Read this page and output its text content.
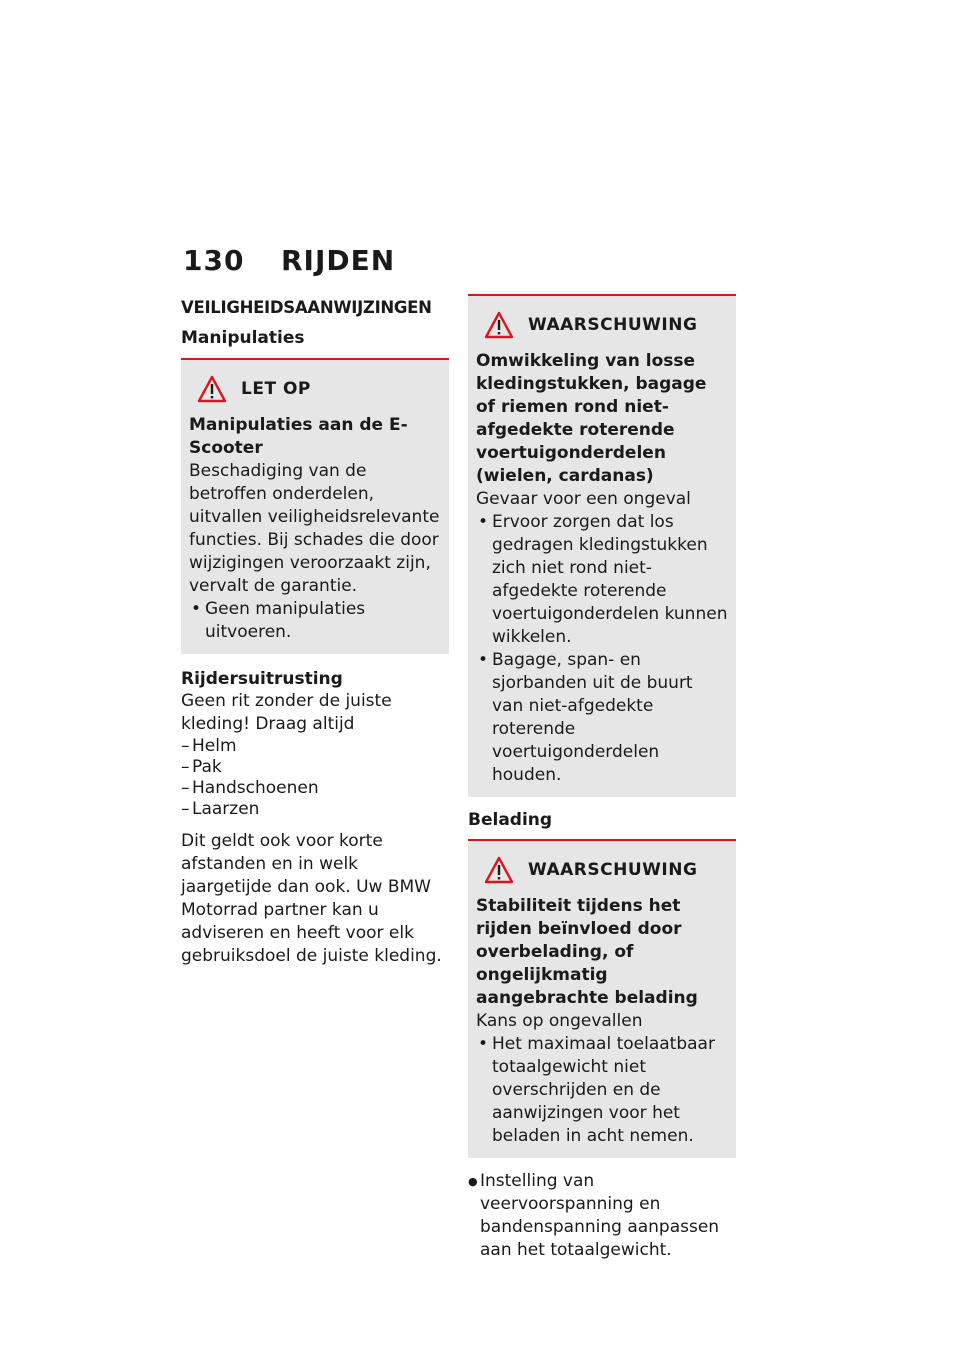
130 RIJDEN
VEILIGHEIDSAANWIJZINGEN
Manipulaties
LET OP
Manipulaties aan de E-Scooter
Beschadiging van de betroffen onderdelen, uitvallen veiligheidsrelevante functies. Bij schades die door wijzigingen veroorzaakt zijn, vervalt de garantie.
• Geen manipulaties uitvoeren.
Rijdersuitrusting

Geen rit zonder de juiste kleding! Draag altijd

– Helm
– Pak
– Handschoenen
– Laarzen

Dit geldt ook voor korte afstanden en in welk jaargetijde dan ook. Uw BMW Motorrad partner kan u adviseren en heeft voor elk gebruiksdoel de juiste kleding.

WAARSCHUWING
Omwikkeling van losse kledingstukken, bagage of riemen rond niet-afgedekte roterende voertuigonderdelen (wielen, cardanas)
Gevaar voor een ongeval
• Ervoor zorgen dat los gedragen kledingstukken zich niet rond niet-afgedekte roterende voertuigonderdelen kunnen wikkelen.
• Bagage, span- en sjorbanden uit de buurt van niet-afgedekte roterende voertuigonderdelen houden.
Belading
WAARSCHUWING
Stabiliteit tijdens het rijden beïnvloed door overbelading, of ongelijkmatig aangebrachte belading
Kans op ongevallen
• Het maximaal toelaatbaar totaalgewicht niet overschrijden en de aanwijzingen voor het beladen in acht nemen.
● Instelling van veervoorspanning en bandenspanning aanpassen aan het totaalgewicht.
